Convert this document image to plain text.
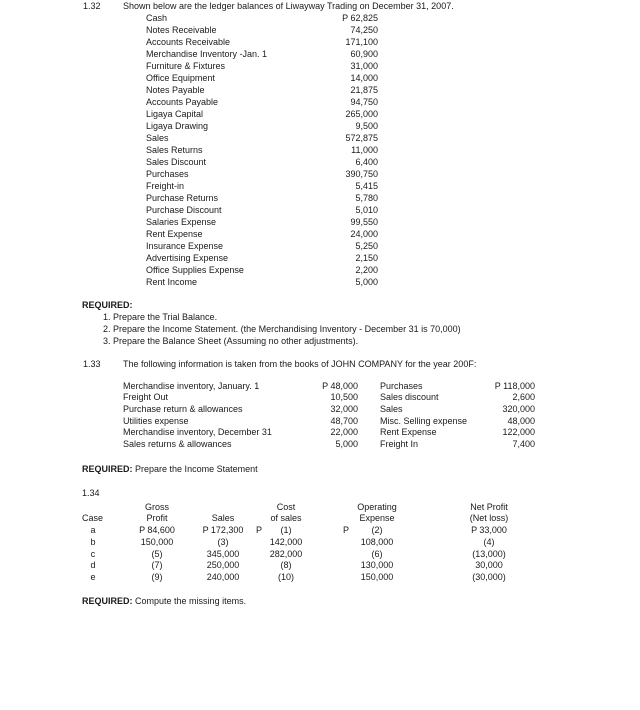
1.32 Shown below are the ledger balances of Liwayway Trading on December 31, 2007.
Cash	P 62,825
Notes Receivable	74,250
Accounts Receivable	171,100
Merchandise Inventory -Jan. 1	60,900
Furniture & Fixtures	31,000
Office Equipment	14,000
Notes Payable	21,875
Accounts Payable	94,750
Ligaya Capital	265,000
Ligaya Drawing	9,500
Sales	572,875
Sales Returns	11,000
Sales Discount	6,400
Purchases	390,750
Freight-in	5,415
Purchase Returns	5,780
Purchase Discount	5,010
Salaries Expense	99,550
Rent Expense	24,000
Insurance Expense	5,250
Advertising Expense	2,150
Office Supplies Expense	2,200
Rent Income	5,000
REQUIRED:
1. Prepare the Trial Balance.
2. Prepare the Income Statement. (the Merchandising Inventory - December 31 is 70,000)
3. Prepare the Balance Sheet (Assuming no other adjustments).
1.33 The following information is taken from the books of JOHN COMPANY for the year 200F:
Merchandise inventory, January. 1	P 48,000 Purchases	P 118,000
Freight Out	10,500 Sales discount	2,600
Purchase return & allowances	32,000 Sales	320,000
Utilities expense	48,700 Misc. Selling expense	48,000
Merchandise inventory, December 31	22,000 Rent Expense	122,000
Sales returns & allowances	5,000 Freight In	7,400
REQUIRED: Prepare the Income Statement
1.34
Gross
Profit
Case	Sales
Cost
of sales
Operating
Expense
Net Profit
(Net loss)
a	P 84,600	P 172,300	P	(1)	P	(2)	P 33,000
b	150,000	(3)	142,000	108,000	(4)
c	(5)	345,000	282,000	(6)	(13,000)
d	(7)	250,000	(8)	130,000	30,000
e	(9)	240,000	(10)	150,000	(30,000)
REQUIRED: Compute the missing items.
